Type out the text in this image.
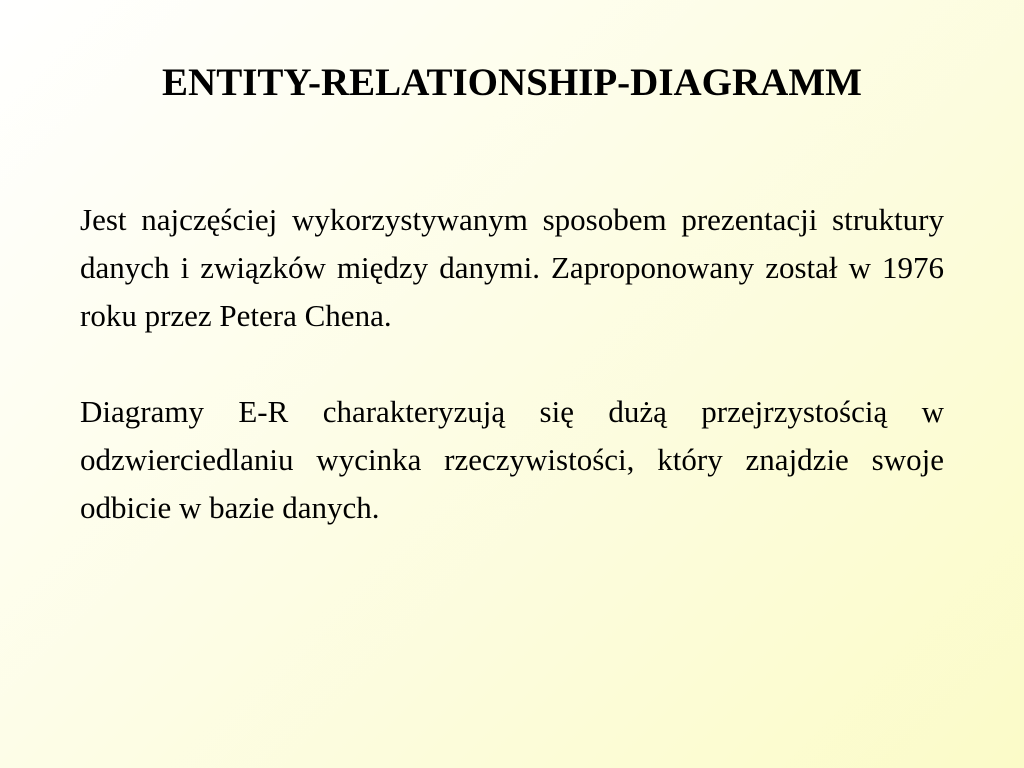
ENTITY-RELATIONSHIP-DIAGRAMM

Jest najczęściej wykorzystywanym sposobem prezentacji struktury danych i związków między danymi. Zaproponowany został w 1976 roku przez Petera Chena.

Diagramy E-R charakteryzują się dużą przejrzystością w odzwierciedlaniu wycinka rzeczywistości, który znajdzie swoje odbicie w bazie danych.
